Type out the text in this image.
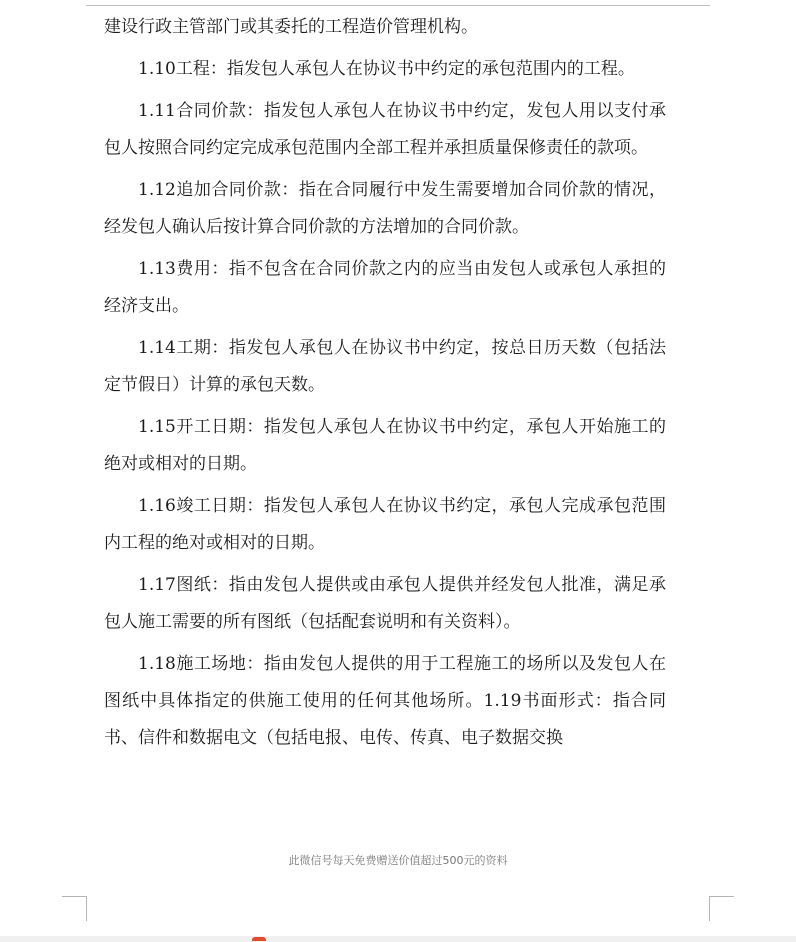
建设行政主管部门或其委托的工程造价管理机构。

1.10工程：指发包人承包人在协议书中约定的承包范围内的工程。

1.11合同价款：指发包人承包人在协议书中约定，发包人用以支付承包人按照合同约定完成承包范围内全部工程并承担质量保修责任的款项。

1.12追加合同价款：指在合同履行中发生需要增加合同价款的情况，经发包人确认后按计算合同价款的方法增加的合同价款。

1.13费用：指不包含在合同价款之内的应当由发包人或承包人承担的经济支出。

1.14工期：指发包人承包人在协议书中约定，按总日历天数（包括法定节假日）计算的承包天数。

1.15开工日期：指发包人承包人在协议书中约定，承包人开始施工的绝对或相对的日期。

1.16竣工日期：指发包人承包人在协议书约定，承包人完成承包范围内工程的绝对或相对的日期。

1.17图纸：指由发包人提供或由承包人提供并经发包人批准，满足承包人施工需要的所有图纸（包括配套说明和有关资料）。

1.18施工场地：指由发包人提供的用于工程施工的场所以及发包人在图纸中具体指定的供施工使用的任何其他场所。1.19书面形式：指合同书、信件和数据电文（包括电报、电传、传真、电子数据交换

此微信号每天免费赠送价值超过500元的资料
